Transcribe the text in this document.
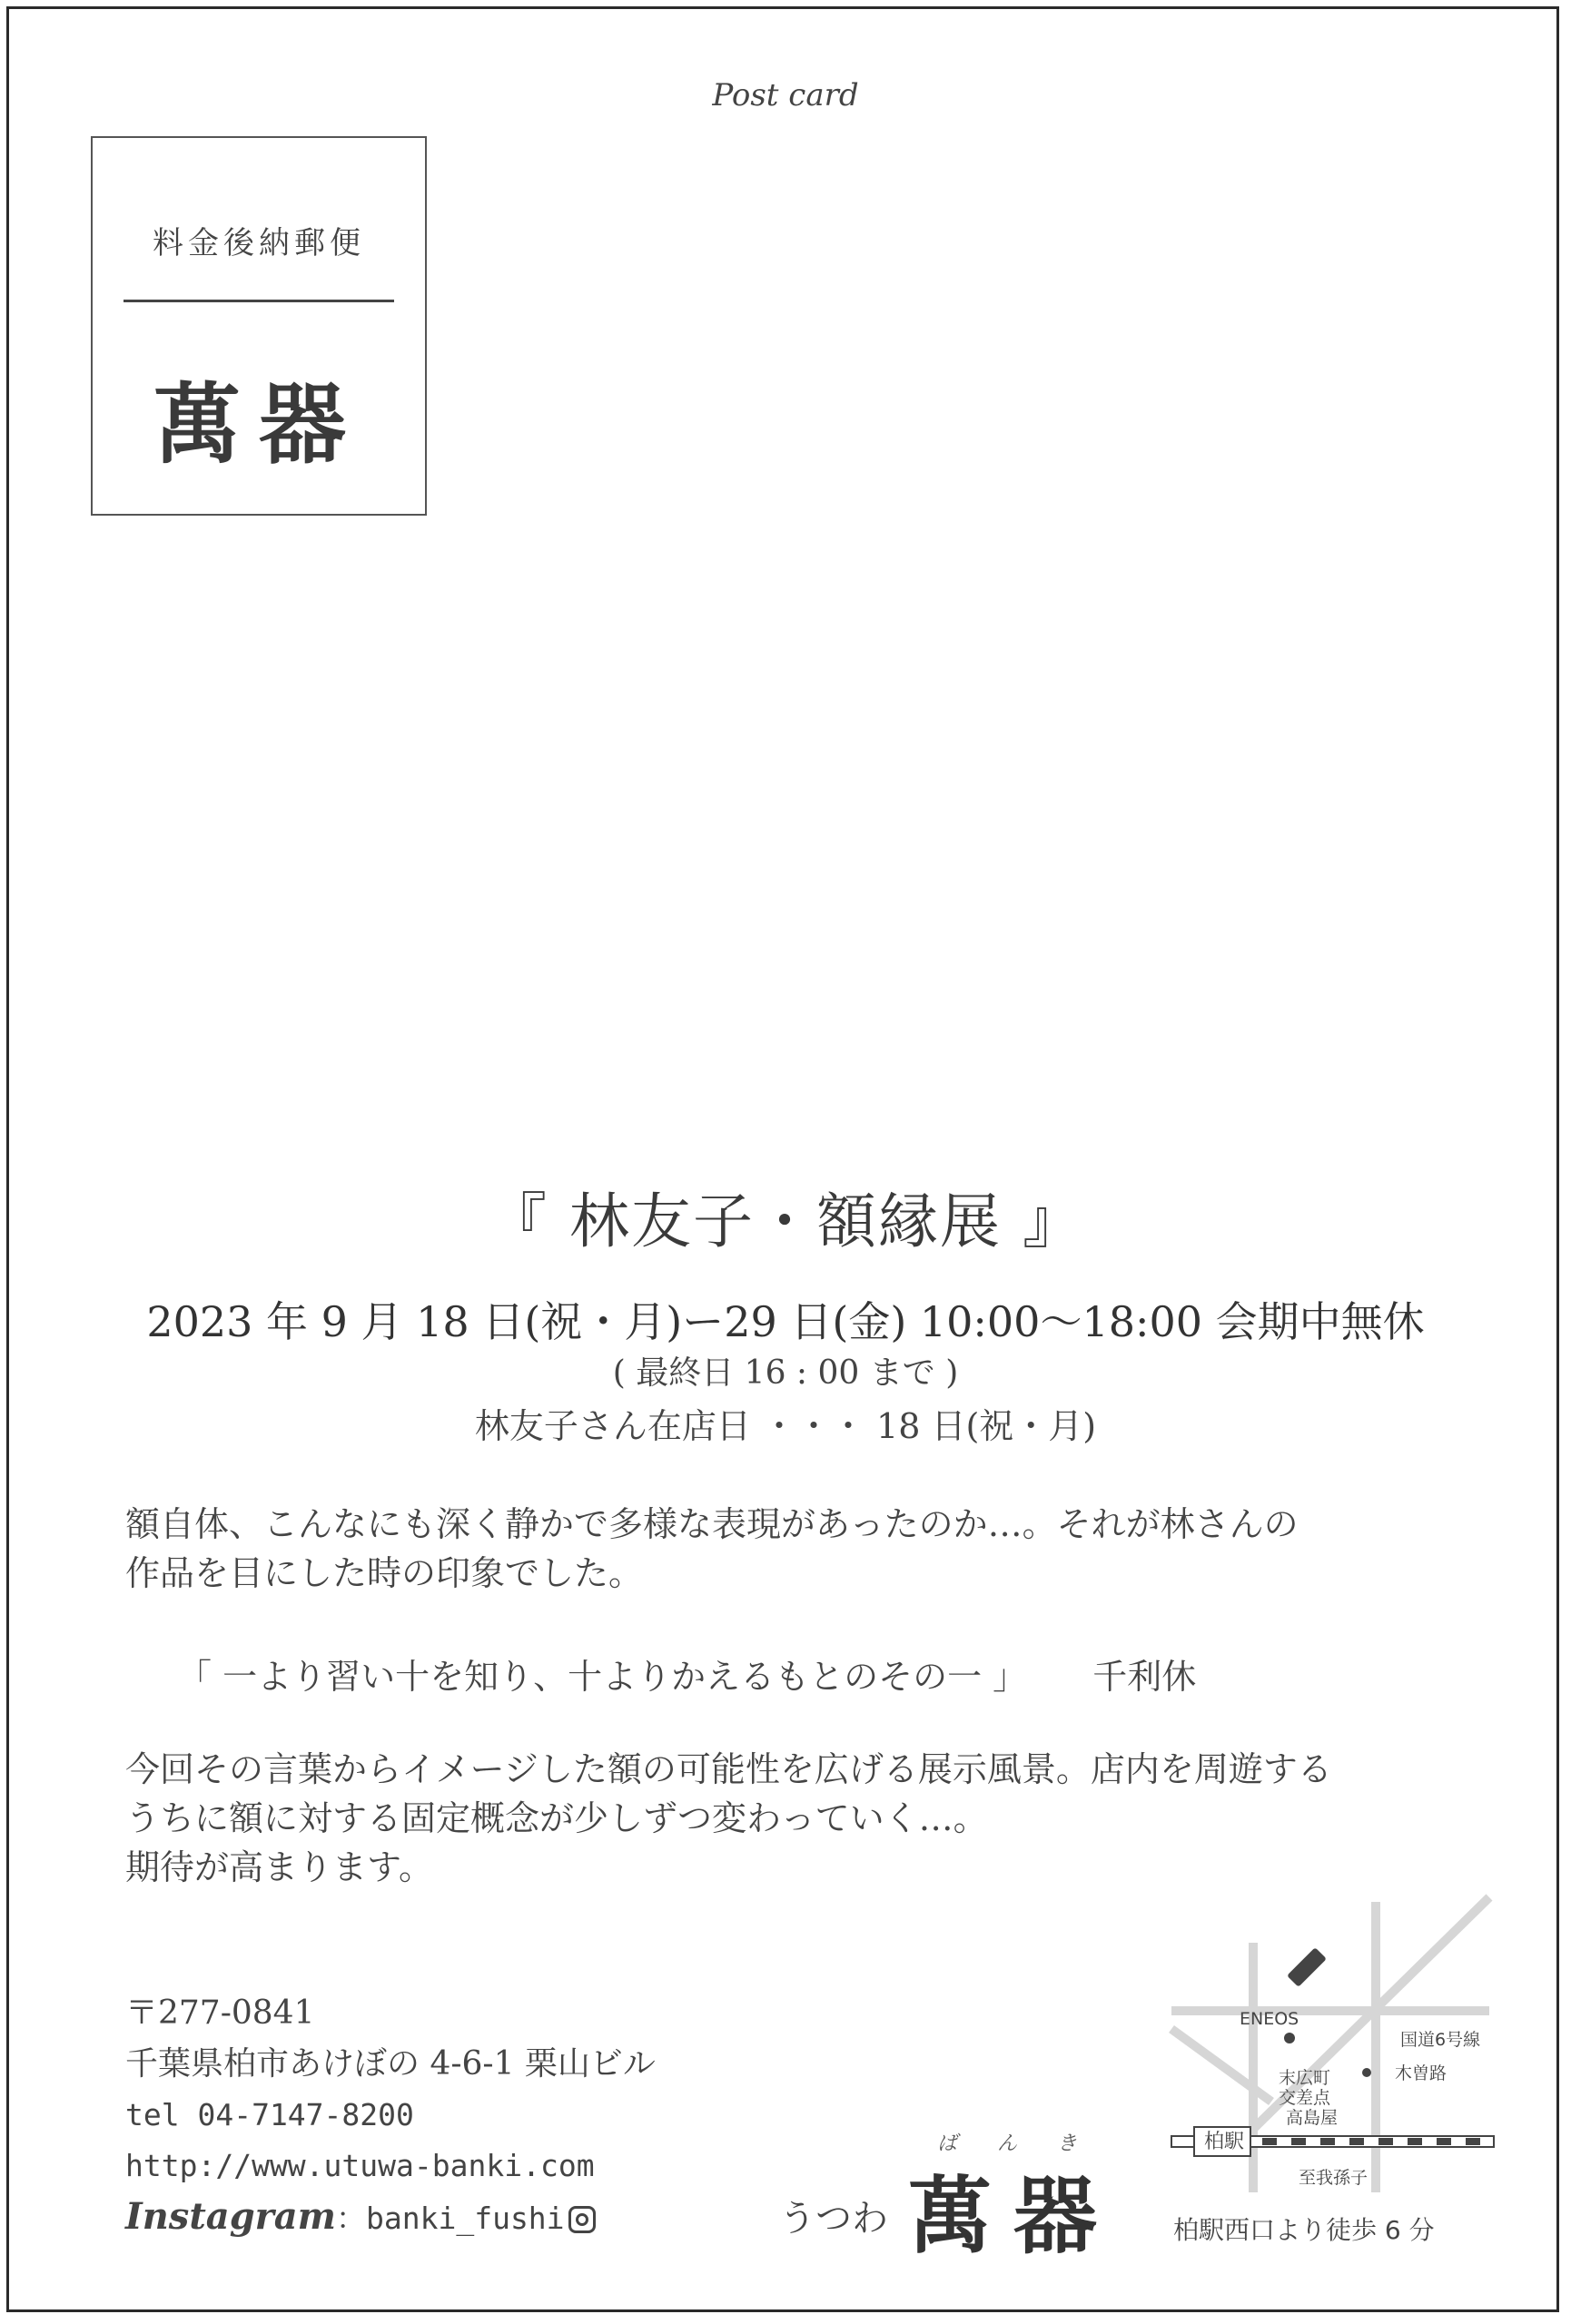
Post card
料金後納郵便
萬器
『 林友子・額縁展 』
2023 年 9 月 18 日(祝・月)ー29 日(金) 10:00〜18:00 会期中無休
( 最終日 16 : 00 まで )
林友子さん在店日 ・・・ 18 日(祝・月)

額自体、こんなにも深く静かで多様な表現があったのか…。それが林さんの

作品を目にした時の印象でした。

「 一より習い十を知り、十よりかえるもとのその一 」 千利休

今回その言葉からイメージした額の可能性を広げる展示風景。店内を周遊する

うちに額に対する固定概念が少しずつ変わっていく…。

期待が高まります。

〒277-0841
千葉県柏市あけぼの 4-6-1 栗山ビル
tel 04-7147-8200
http://www.utuwa-banki.com
Instagram：banki_fushi	うつわ
ばんき
萬器
ENEOS
国道6号線
末広町
交差点
木曽路
高島屋
柏駅
至我孫子
柏駅西口より徒歩 6 分
